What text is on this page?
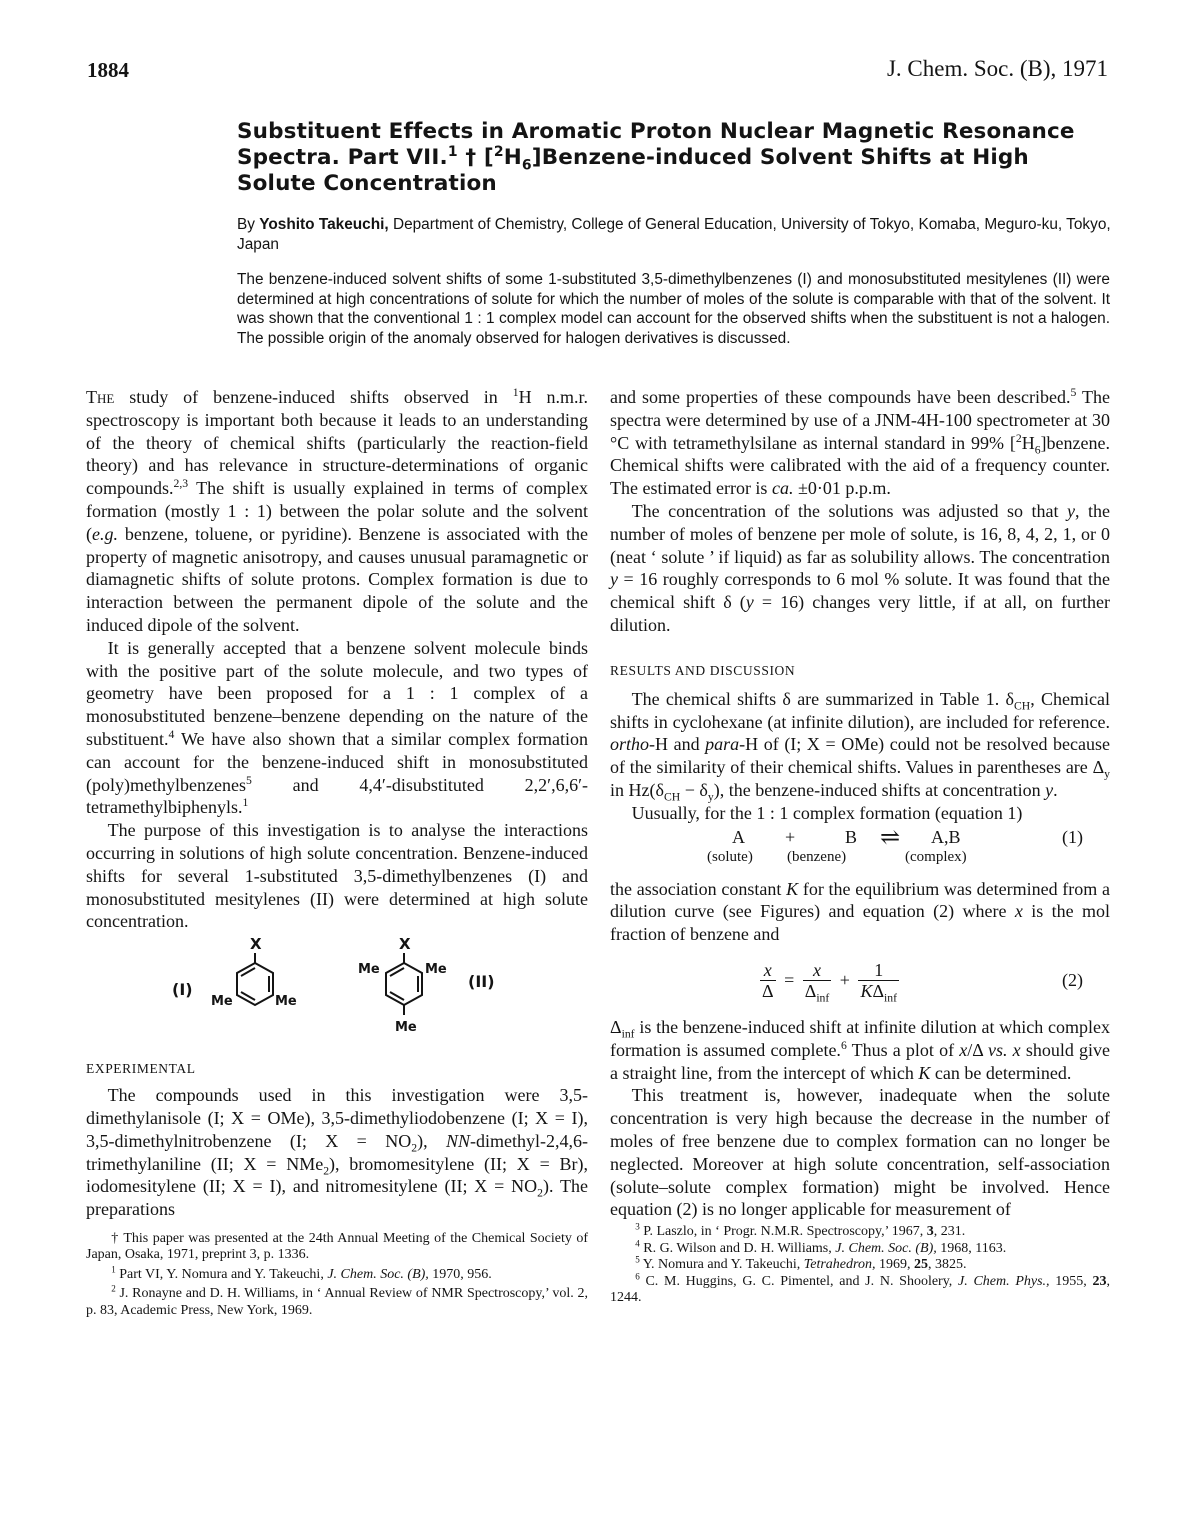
1884	J. Chem. Soc. (B), 1971
Substituent Effects in Aromatic Proton Nuclear Magnetic Resonance
Spectra. Part VII.$^1$ † $[^2H_6]Benzene$-induced Solvent Shifts at High
Solute Concentration
By Yoshito Takeuchi, Department of Chemistry, College of General Education, University of Tokyo, Komaba, Meguro-ku, Tokyo, Japan
The benzene-induced solvent shifts of some 1-substituted 3,5-dimethylbenzenes (I) and monosubstituted mesitylenes (II) were determined at high concentrations of solute for which the number of moles of the solute is comparable with that of the solvent. It was shown that the conventional 1 : 1 complex model can account for the observed shifts when the substituent is not a halogen. The possible origin of the anomaly observed for halogen derivatives is discussed.

The study of benzene-induced shifts observed in $^1$H n.m.r. spectroscopy is important both because it leads to an understanding of the theory of chemical shifts (particularly the reaction-field theory) and has relevance in structure-determinations of organic compounds.$^{2,3}$ The shift is usually explained in terms of complex formation (mostly 1 : 1) between the polar solute and the solvent (e.g. benzene, toluene, or pyridine). Benzene is associated with the property of magnetic anisotropy, and causes unusual paramagnetic or diamagnetic shifts of solute protons. Complex formation is due to interaction between the permanent dipole of the solute and the induced dipole of the solvent.

It is generally accepted that a benzene solvent molecule binds with the positive part of the solute molecule, and two types of geometry have been proposed for a 1 : 1 complex of a monosubstituted benzene–benzene depending on the nature of the substituent.$^4$ We have also shown that a similar complex formation can account for the benzene-induced shift in monosubstituted (poly)methylbenzenes$^5$ and 4,4′-disubstituted 2,2′,6,6′-tetramethylbiphenyls.$^1$

The purpose of this investigation is to analyse the interactions occurring in solutions of high solute concentration. Benzene-induced shifts for several 1-substituted 3,5-dimethylbenzenes (I) and monosubstituted mesitylenes (II) were determined at high solute concentration.

(I)
X
Me	Me
X
Me	Me
Me
(II)

EXPERIMENTAL

The compounds used in this investigation were 3,5-dimethylanisole (I; X = OMe), 3,5-dimethyliodobenzene (I; X = I), 3,5-dimethylnitrobenzene (I; $X = NO_2$), NN-dimethyl-2,4,6-trimethylaniline (II; X = NMe$_2$), bromomesitylene (II; X = Br), iodomesitylene (II; X = I), and nitromesitylene (II; $X = NO_2$). The preparations

† This paper was presented at the 24th Annual Meeting of the Chemical Society of Japan, Osaka, 1971, preprint 3, p. 1336.

$^1$ Part VI, Y. Nomura and Y. Takeuchi, J. Chem. Soc. (B), 1970, 956.

$^2$ J. Ronayne and D. H. Williams, in ‘ Annual Review of NMR Spectroscopy,’ vol. 2, p. 83, Academic Press, New York, 1969.

and some properties of these compounds have been described.$^5$ The spectra were determined by use of a JNM-4H-100 spectrometer at 30 °C with tetramethylsilane as internal standard in 99% $[^2H_6]benzene$. Chemical shifts were calibrated with the aid of a frequency counter. The estimated error is ca. ±0·01 p.p.m.

The concentration of the solutions was adjusted so that y, the number of moles of benzene per mole of solute, is 16, 8, 4, 2, 1, or 0 (neat ‘ solute ’ if liquid) as far as solubility allows. The concentration y = 16 roughly corresponds to 6 mol % solute. It was found that the chemical shift δ (y = 16) changes very little, if at all, on further dilution.

RESULTS AND DISCUSSION

The chemical shifts δ are summarized in Table 1. $\delta_{CH}$, Chemical shifts in cyclohexane (at infinite dilution), are included for reference. ortho-H and para-H of (I; X = OMe) could not be resolved because of the similarity of their chemical shifts. Values in parentheses are $\Delta_y$ in $Hz(\delta_{CH} - \delta_y)$, the benzene-induced shifts at concentration y.

Uusually, for the 1 : 1 complex formation (equation 1)

A +	B ⇌ A,B	(1)
(solute) (benzene)	(complex)

the association constant K for the equilibrium was determined from a dilution curve (see Figures) and equation (2) where x is the mol fraction of benzene and

$\frac{x}{\Delta} = \frac{x}{\Delta_{inf}} + \frac{1}{K\Delta_{inf}}$	(2)

$\Delta_{inf}$ is the benzene-induced shift at infinite dilution at which complex formation is assumed complete.$^6$ Thus a plot of x/Δ vs. x should give a straight line, from the intercept of which K can be determined.

This treatment is, however, inadequate when the solute concentration is very high because the decrease in the number of moles of free benzene due to complex formation can no longer be neglected. Moreover at high solute concentration, self-association (solute–solute complex formation) might be involved. Hence equation (2) is no longer applicable for measurement of

$^3$ P. Laszlo, in ‘ Progr. N.M.R. Spectroscopy,’ 1967, 3, 231.

$^4$ R. G. Wilson and D. H. Williams, J. Chem. Soc. (B), 1968, 1163.

$^5$ Y. Nomura and Y. Takeuchi, Tetrahedron, 1969, 25, 3825.

$^6$ C. M. Huggins, G. C. Pimentel, and J. N. Shoolery, J. Chem. Phys., 1955, 23, 1244.
